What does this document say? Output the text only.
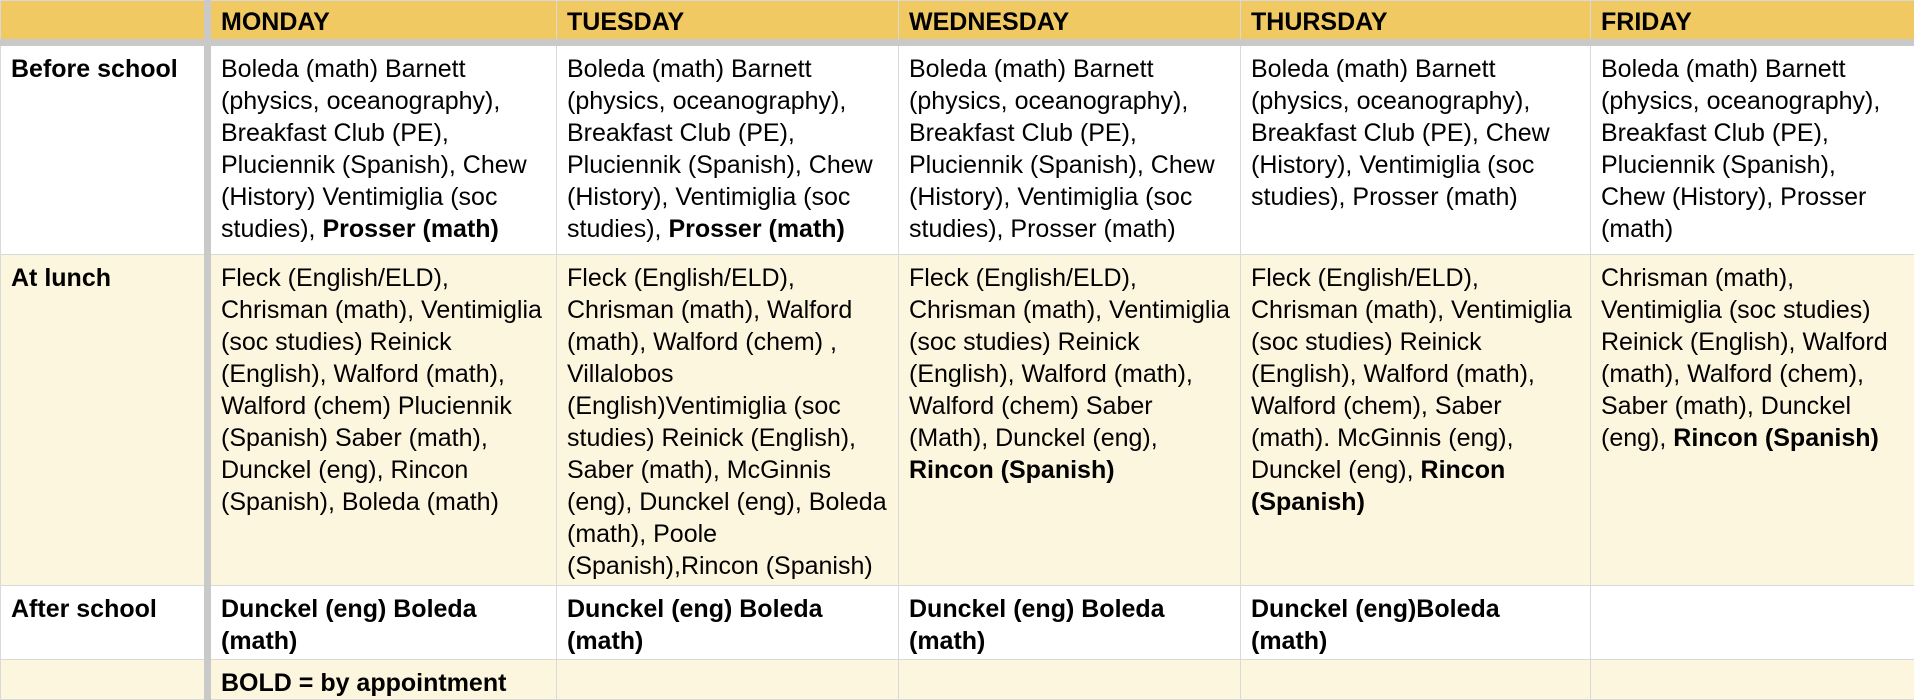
	MONDAY	TUESDAY	WEDNESDAY	THURSDAY	FRIDAY
Before school	Boleda (math) Barnett (physics, oceanography), Breakfast Club (PE), Pluciennik (Spanish), Chew (History) Ventimiglia (soc studies), Prosser (math)	Boleda (math) Barnett (physics, oceanography), Breakfast Club (PE), Pluciennik (Spanish), Chew (History), Ventimiglia (soc studies), Prosser (math)	Boleda (math) Barnett (physics, oceanography), Breakfast Club (PE), Pluciennik (Spanish), Chew (History), Ventimiglia (soc studies), Prosser (math)	Boleda (math) Barnett (physics, oceanography), Breakfast Club (PE), Chew (History), Ventimiglia (soc studies), Prosser (math)	Boleda (math) Barnett (physics, oceanography), Breakfast Club (PE), Pluciennik (Spanish), Chew (History), Prosser (math)
At lunch	Fleck (English/ELD), Chrisman (math), Ventimiglia (soc studies) Reinick (English), Walford (math), Walford (chem) Pluciennik (Spanish) Saber (math), Dunckel (eng), Rincon (Spanish), Boleda (math)	Fleck (English/ELD), Chrisman (math), Walford (math), Walford (chem) , Villalobos (English)Ventimiglia (soc studies) Reinick (English), Saber (math), McGinnis (eng), Dunckel (eng), Boleda (math), Poole (Spanish),Rincon (Spanish)	Fleck (English/ELD), Chrisman (math), Ventimiglia (soc studies) Reinick (English), Walford (math), Walford (chem) Saber (Math), Dunckel (eng), Rincon (Spanish)	Fleck (English/ELD), Chrisman (math), Ventimiglia (soc studies) Reinick (English), Walford (math), Walford (chem), Saber (math). McGinnis (eng), Dunckel (eng), Rincon (Spanish)	Chrisman (math), Ventimiglia (soc studies) Reinick (English), Walford (math), Walford (chem), Saber (math), Dunckel (eng), Rincon (Spanish)
After school	Dunckel (eng) Boleda (math)	Dunckel (eng) Boleda (math)	Dunckel (eng) Boleda (math)	Dunckel (eng)Boleda (math)	
	BOLD = by appointment				
